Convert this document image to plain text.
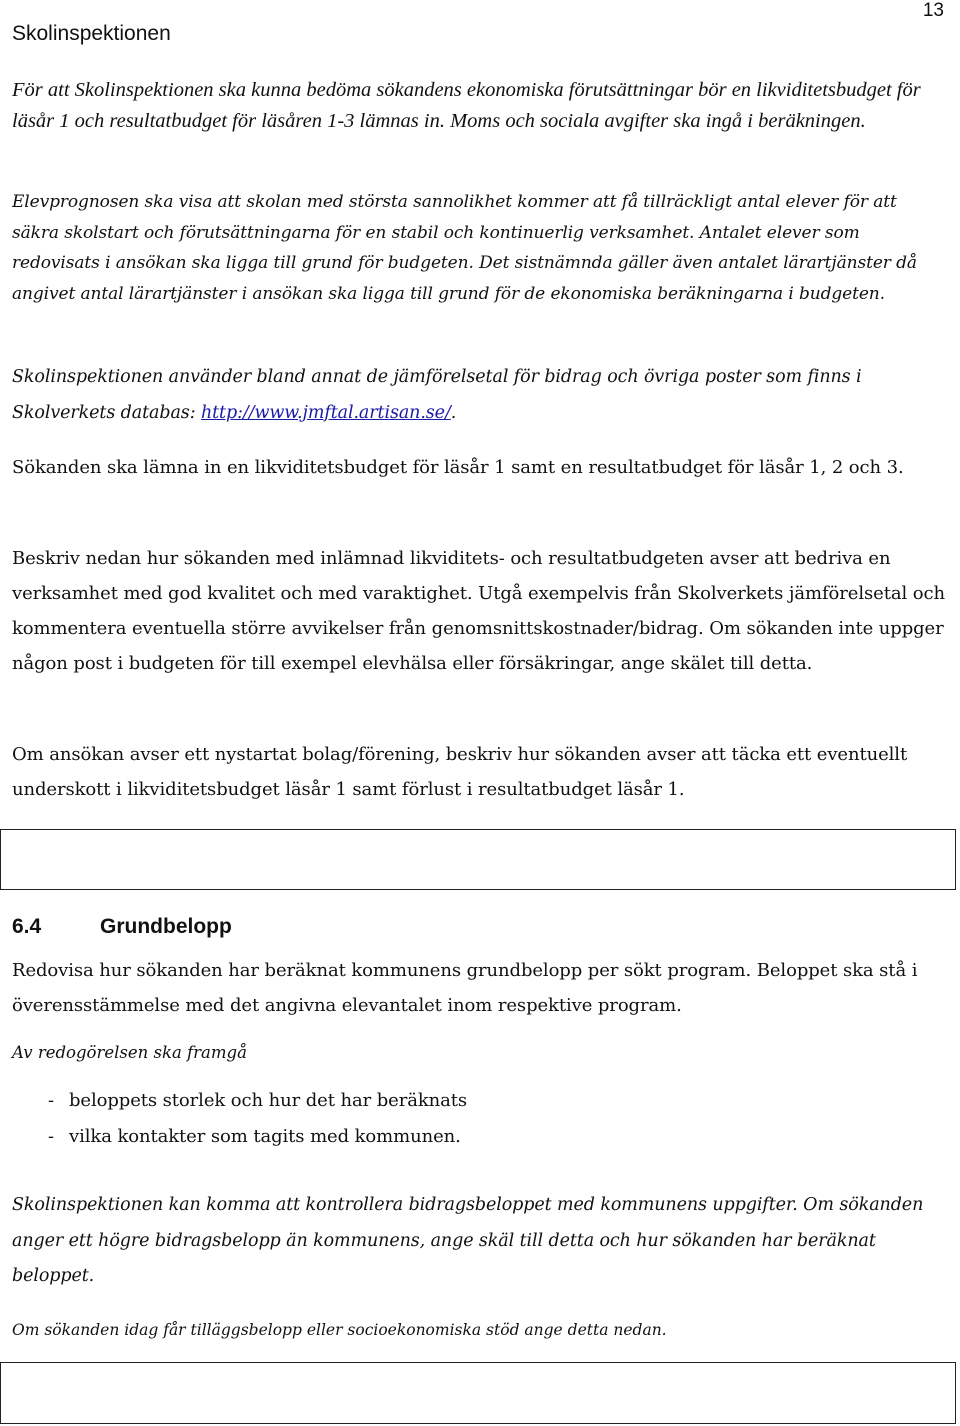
Skolinspektionen
13

För att Skolinspektionen ska kunna bedöma sökandens ekonomiska förutsättningar bör en likviditetsbudget för läsår 1 och resultatbudget för läsåren 1-3 lämnas in. Moms och sociala avgifter ska ingå i beräkningen.

Elevprognosen ska visa att skolan med största sannolikhet kommer att få tillräckligt antal elever för att säkra skolstart och förutsättningarna för en stabil och kontinuerlig verksamhet. Antalet elever som redovisats i ansökan ska ligga till grund för budgeten. Det sistnämnda gäller även antalet lärartjänster då angivet antal lärartjänster i ansökan ska ligga till grund för de ekonomiska beräkningarna i budgeten.

Skolinspektionen använder bland annat de jämförelsetal för bidrag och övriga poster som finns i Skolverkets databas: http://www.jmftal.artisan.se/.

Sökanden ska lämna in en likviditetsbudget för läsår 1 samt en resultatbudget för läsår 1, 2 och 3.

Beskriv nedan hur sökanden med inlämnad likviditets- och resultatbudgeten avser att bedriva en verksamhet med god kvalitet och med varaktighet. Utgå exempelvis från Skolverkets jämförelsetal och kommentera eventuella större avvikelser från genomsnittskostnader/bidrag. Om sökanden inte uppger någon post i budgeten för till exempel elevhälsa eller försäkringar, ange skälet till detta.

Om ansökan avser ett nystartat bolag/förening, beskriv hur sökanden avser att täcka ett eventuellt underskott i likviditetsbudget läsår 1 samt förlust i resultatbudget läsår 1.

6.4	Grundbelopp

Redovisa hur sökanden har beräknat kommunens grundbelopp per sökt program. Beloppet ska stå i överensstämmelse med det angivna elevantalet inom respektive program.

Av redogörelsen ska framgå

- beloppets storlek och hur det har beräknats
- vilka kontakter som tagits med kommunen.

Skolinspektionen kan komma att kontrollera bidragsbeloppet med kommunens uppgifter. Om sökanden anger ett högre bidragsbelopp än kommunens, ange skäl till detta och hur sökanden har beräknat beloppet.

Om sökanden idag får tilläggsbelopp eller socioekonomiska stöd ange detta nedan.
